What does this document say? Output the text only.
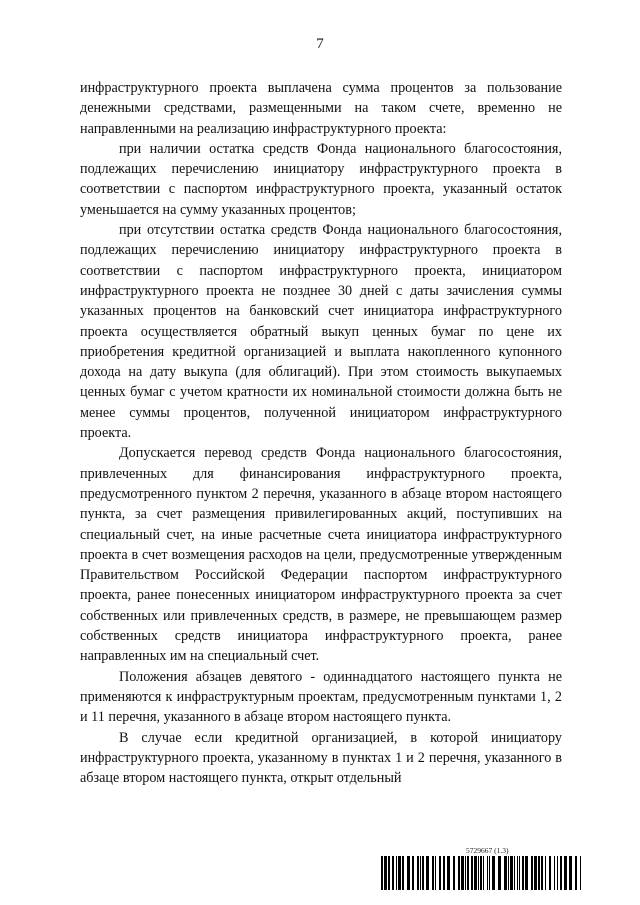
7

инфраструктурного проекта выплачена сумма процентов за пользование денежными средствами, размещенными на таком счете, временно не направленными на реализацию инфраструктурного проекта:

при наличии остатка средств Фонда национального благосостояния, подлежащих перечислению инициатору инфраструктурного проекта в соответствии с паспортом инфраструктурного проекта, указанный остаток уменьшается на сумму указанных процентов;

при отсутствии остатка средств Фонда национального благосостояния, подлежащих перечислению инициатору инфраструктурного проекта в соответствии с паспортом инфраструктурного проекта, инициатором инфраструктурного проекта не позднее 30 дней с даты зачисления суммы указанных процентов на банковский счет инициатора инфраструктурного проекта осуществляется обратный выкуп ценных бумаг по цене их приобретения кредитной организацией и выплата накопленного купонного дохода на дату выкупа (для облигаций). При этом стоимость выкупаемых ценных бумаг с учетом кратности их номинальной стоимости должна быть не менее суммы процентов, полученной инициатором инфраструктурного проекта.

Допускается перевод средств Фонда национального благосостояния, привлеченных для финансирования инфраструктурного проекта, предусмотренного пунктом 2 перечня, указанного в абзаце втором настоящего пункта, за счет размещения привилегированных акций, поступивших на специальный счет, на иные расчетные счета инициатора инфраструктурного проекта в счет возмещения расходов на цели, предусмотренные утвержденным Правительством Российской Федерации паспортом инфраструктурного проекта, ранее понесенных инициатором инфраструктурного проекта за счет собственных или привлеченных средств, в размере, не превышающем размер собственных средств инициатора инфраструктурного проекта, ранее направленных им на специальный счет.

Положения абзацев девятого - одиннадцатого настоящего пункта не применяются к инфраструктурным проектам, предусмотренным пунктами 1, 2 и 11 перечня, указанного в абзаце втором настоящего пункта.

В случае если кредитной организацией, в которой инициатору инфраструктурного проекта, указанному в пунктах 1 и 2 перечня, указанного в абзаце втором настоящего пункта, открыт отдельный

5729667 (1.3)
